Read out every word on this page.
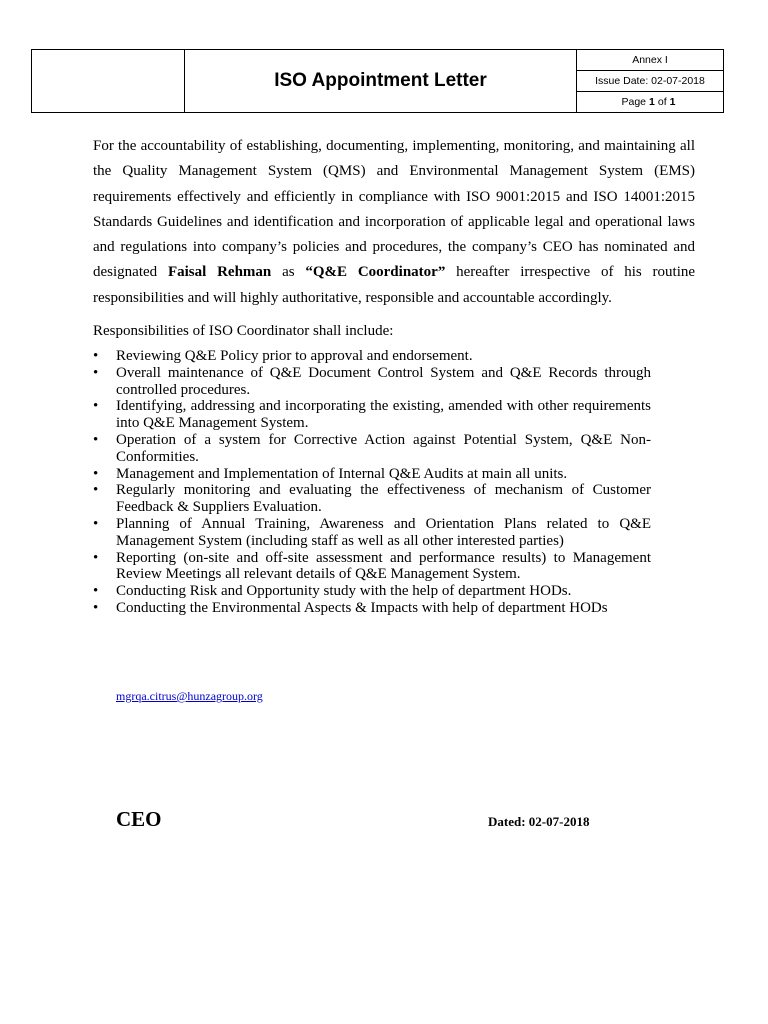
ISO Appointment Letter
Annex I
Issue Date: 02-07-2018
Page 1 of 1

For the accountability of establishing, documenting, implementing, monitoring, and maintaining all the Quality Management System (QMS) and Environmental Management System (EMS) requirements effectively and efficiently in compliance with ISO 9001:2015 and ISO 14001:2015 Standards Guidelines and identification and incorporation of applicable legal and operational laws and regulations into company’s policies and procedures, the company’s CEO has nominated and designated Faisal Rehman as “Q&E Coordinator” hereafter irrespective of his routine responsibilities and will highly authoritative, responsible and accountable accordingly.

Responsibilities of ISO Coordinator shall include:

• Reviewing Q&E Policy prior to approval and endorsement.
• Overall maintenance of Q&E Document Control System and Q&E Records through controlled procedures.
• Identifying, addressing and incorporating the existing, amended with other requirements into Q&E Management System.
• Operation of a system for Corrective Action against Potential System, Q&E Non-Conformities.
• Management and Implementation of Internal Q&E Audits at main all units.
• Regularly monitoring and evaluating the effectiveness of mechanism of Customer Feedback & Suppliers Evaluation.
• Planning of Annual Training, Awareness and Orientation Plans related to Q&E Management System (including staff as well as all other interested parties)
• Reporting (on-site and off-site assessment and performance results) to Management Review Meetings all relevant details of Q&E Management System.
• Conducting Risk and Opportunity study with the help of department HODs.
• Conducting the Environmental Aspects & Impacts with help of department HODs
mgrqa.citrus@hunzagroup.org
CEO	Dated: 02-07-2018
